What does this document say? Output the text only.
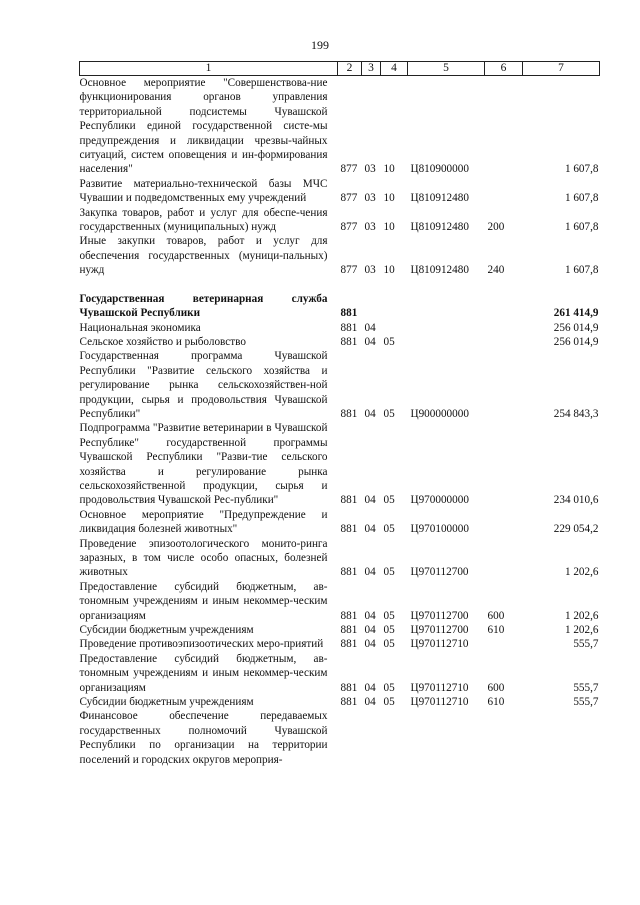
199
1	2	3	4	5	6	7
Основное мероприятие "Совершенствова-ние функционирования органов управления территориальной подсистемы Чувашской Республики единой государственной систе-мы предупреждения и ликвидации чрезвы-чайных ситуаций, систем оповещения и ин-формирования населения"	877	03	10	Ц810900000		1 607,8
Развитие материально-технической базы МЧС Чувашии и подведомственных ему учреждений	877	03	10	Ц810912480		1 607,8
Закупка товаров, работ и услуг для обеспе-чения государственных (муниципальных) нужд	877	03	10	Ц810912480	200	1 607,8
Иные закупки товаров, работ и услуг для обеспечения государственных (муници-пальных) нужд	877	03	10	Ц810912480	240	1 607,8

Государственная ветеринарная служба Чувашской Республики	881					261 414,9
Национальная экономика	881	04				256 014,9
Сельское хозяйство и рыболовство	881	04	05			256 014,9
Государственная программа Чувашской Республики "Развитие сельского хозяйства и регулирование рынка сельскохозяйствен-ной продукции, сырья и продовольствия Чувашской Республики"	881	04	05	Ц900000000		254 843,3
Подпрограмма "Развитие ветеринарии в Чувашской Республике" государственной программы Чувашской Республики "Разви-тие сельского хозяйства и регулирование рынка сельскохозяйственной продукции, сырья и продовольствия Чувашской Рес-публики"	881	04	05	Ц970000000		234 010,6
Основное мероприятие "Предупреждение и ликвидация болезней животных"	881	04	05	Ц970100000		229 054,2
Проведение эпизоотологического монито-ринга заразных, в том числе особо опасных, болезней животных	881	04	05	Ц970112700		1 202,6
Предоставление субсидий бюджетным, ав-тономным учреждениям и иным некоммер-ческим организациям	881	04	05	Ц970112700	600	1 202,6
Субсидии бюджетным учреждениям	881	04	05	Ц970112700	610	1 202,6
Проведение противоэпизоотических меро-приятий	881	04	05	Ц970112710		555,7
Предоставление субсидий бюджетным, ав-тономным учреждениям и иным некоммер-ческим организациям	881	04	05	Ц970112710	600	555,7
Субсидии бюджетным учреждениям	881	04	05	Ц970112710	610	555,7
Финансовое обеспечение передаваемых государственных полномочий Чувашской Республики по организации на территории поселений и городских округов мероприя-						
